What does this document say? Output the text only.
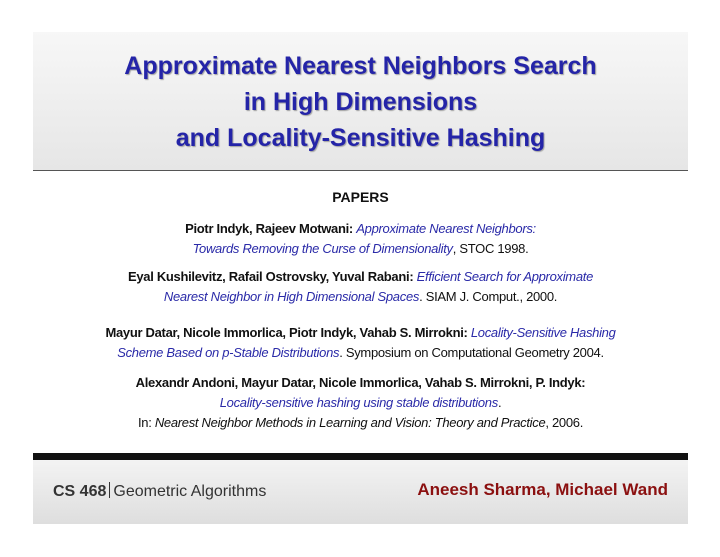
Approximate Nearest Neighbors Search
in High Dimensions
and Locality-Sensitive Hashing
PAPERS
Piotr Indyk, Rajeev Motwani: Approximate Nearest Neighbors:
Towards Removing the Curse of Dimensionality, STOC 1998.
Eyal Kushilevitz, Rafail Ostrovsky, Yuval Rabani: Efficient Search for Approximate
Nearest Neighbor in High Dimensional Spaces. SIAM J. Comput., 2000.
Mayur Datar, Nicole Immorlica, Piotr Indyk, Vahab S. Mirrokni: Locality-Sensitive Hashing
Scheme Based on p-Stable Distributions. Symposium on Computational Geometry 2004.
Alexandr Andoni, Mayur Datar, Nicole Immorlica, Vahab S. Mirrokni, P. Indyk:
Locality-sensitive hashing using stable distributions.
In: Nearest Neighbor Methods in Learning and Vision: Theory and Practice, 2006.
CS 468 Geometric Algorithms	Aneesh Sharma, Michael Wand
